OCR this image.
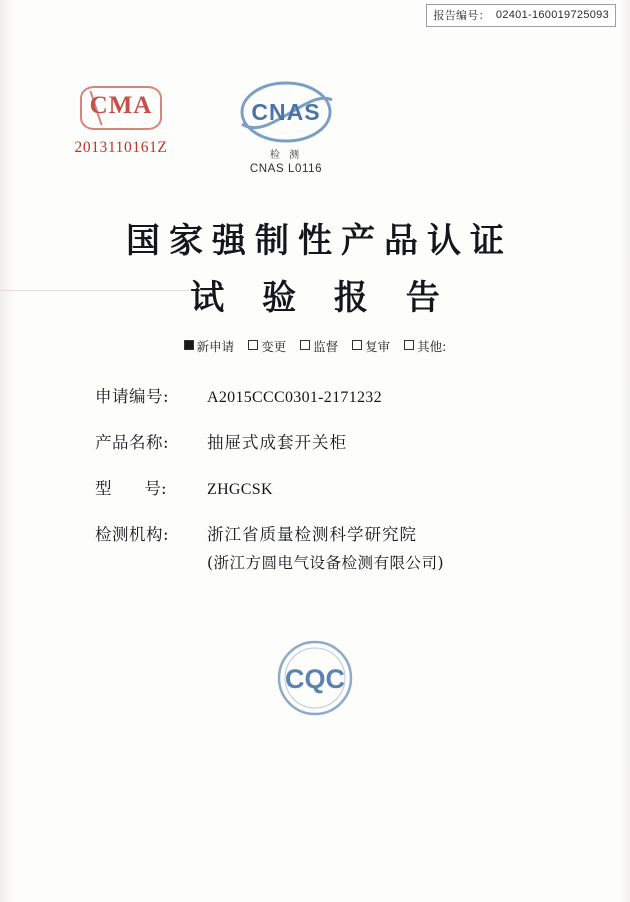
报告编号： 02401-160019725093
CMA
2013110161Z
CNAS
检 测
CNAS L0116
国家强制性产品认证
试 验 报 告
新申请 变更 监督 复审 其他:
申请编号:	A2015CCC0301-2171232
产品名称:	抽屉式成套开关柜
型　　号:	ZHGCSK
检测机构:	浙江省质量检测科学研究院
(浙江方圆电气设备检测有限公司)
CQC
